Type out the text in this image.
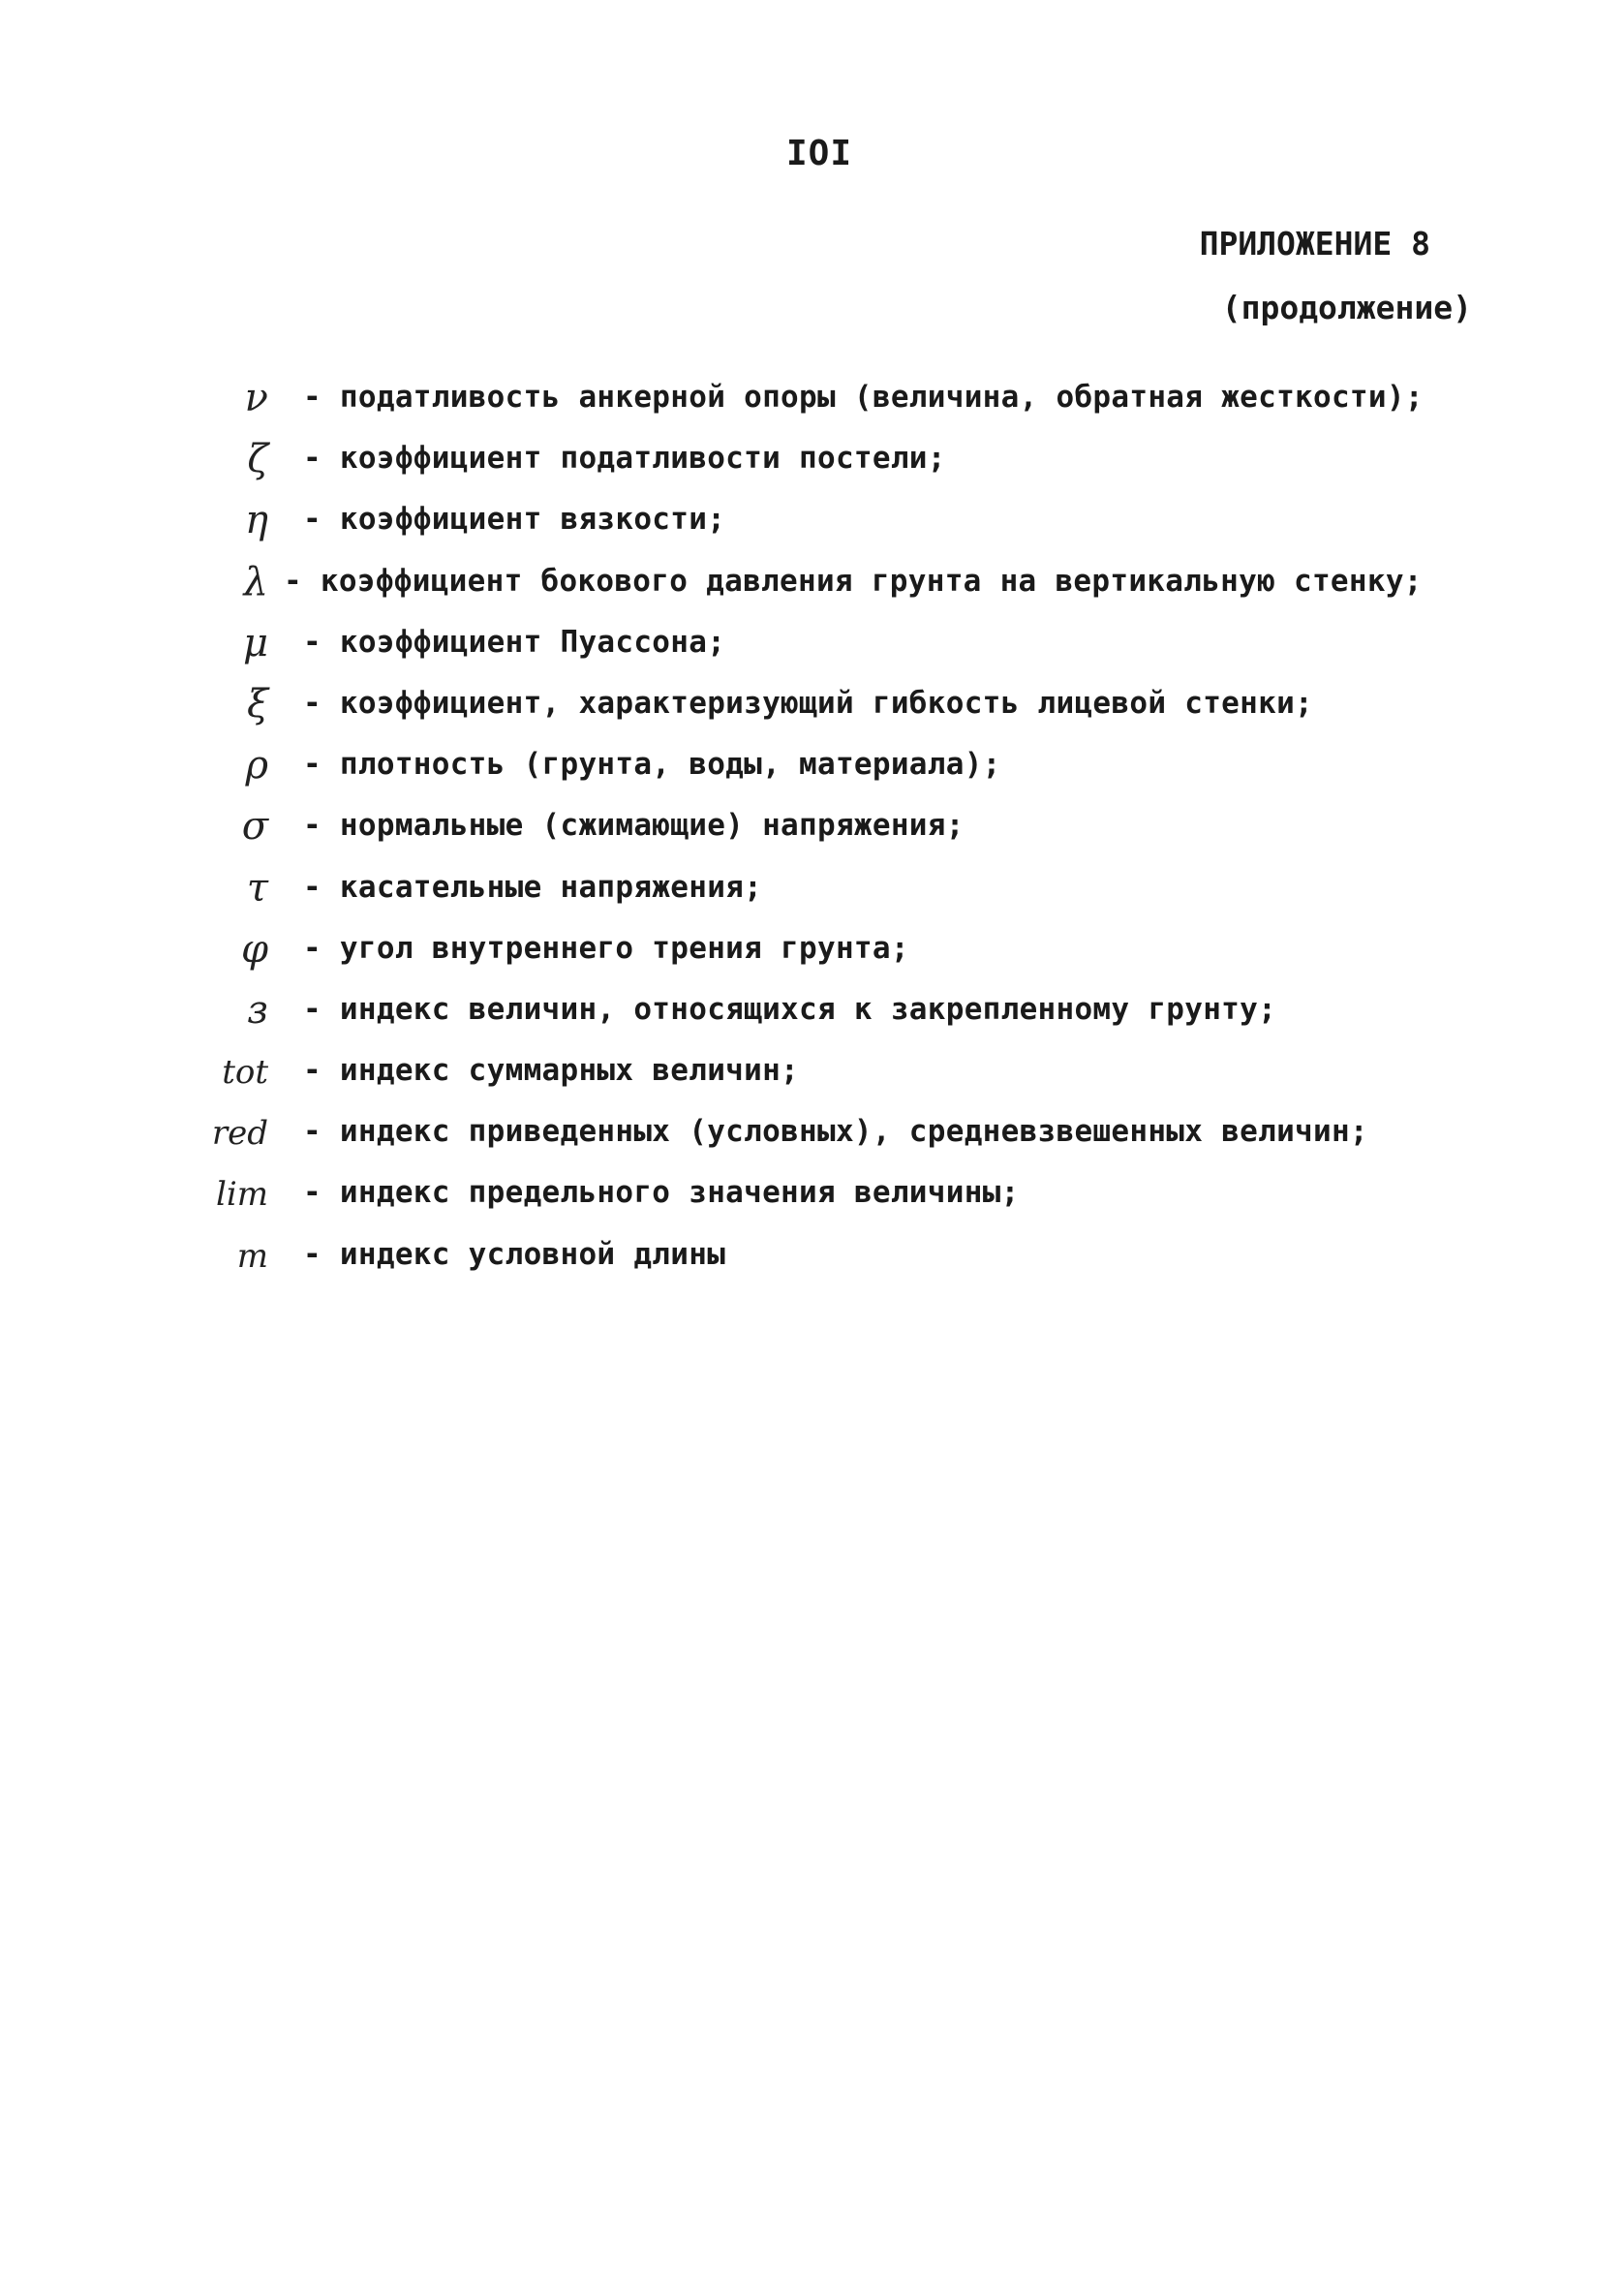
IOI
ПРИЛОЖЕНИЕ 8
(продолжение)
ν - податливость анкерной опоры (величина, обратная жесткости);
ζ - коэффициент податливости постели;
η - коэффициент вязкости;
λ - коэффициент бокового давления грунта на вертикальную стенку;
μ - коэффициент Пуассона;
ξ - коэффициент, характеризующий гибкость лицевой стенки;
ρ - плотность (грунта, воды, материала);
σ - нормальные (сжимающие) напряжения;
τ - касательные напряжения;
φ - угол внутреннего трения грунта;
з - индекс величин, относящихся к закрепленному грунту;
tot - индекс суммарных величин;
red - индекс приведенных (условных), средневзвешенных величин;
lim - индекс предельного значения величины;
m - индекс условной длины
